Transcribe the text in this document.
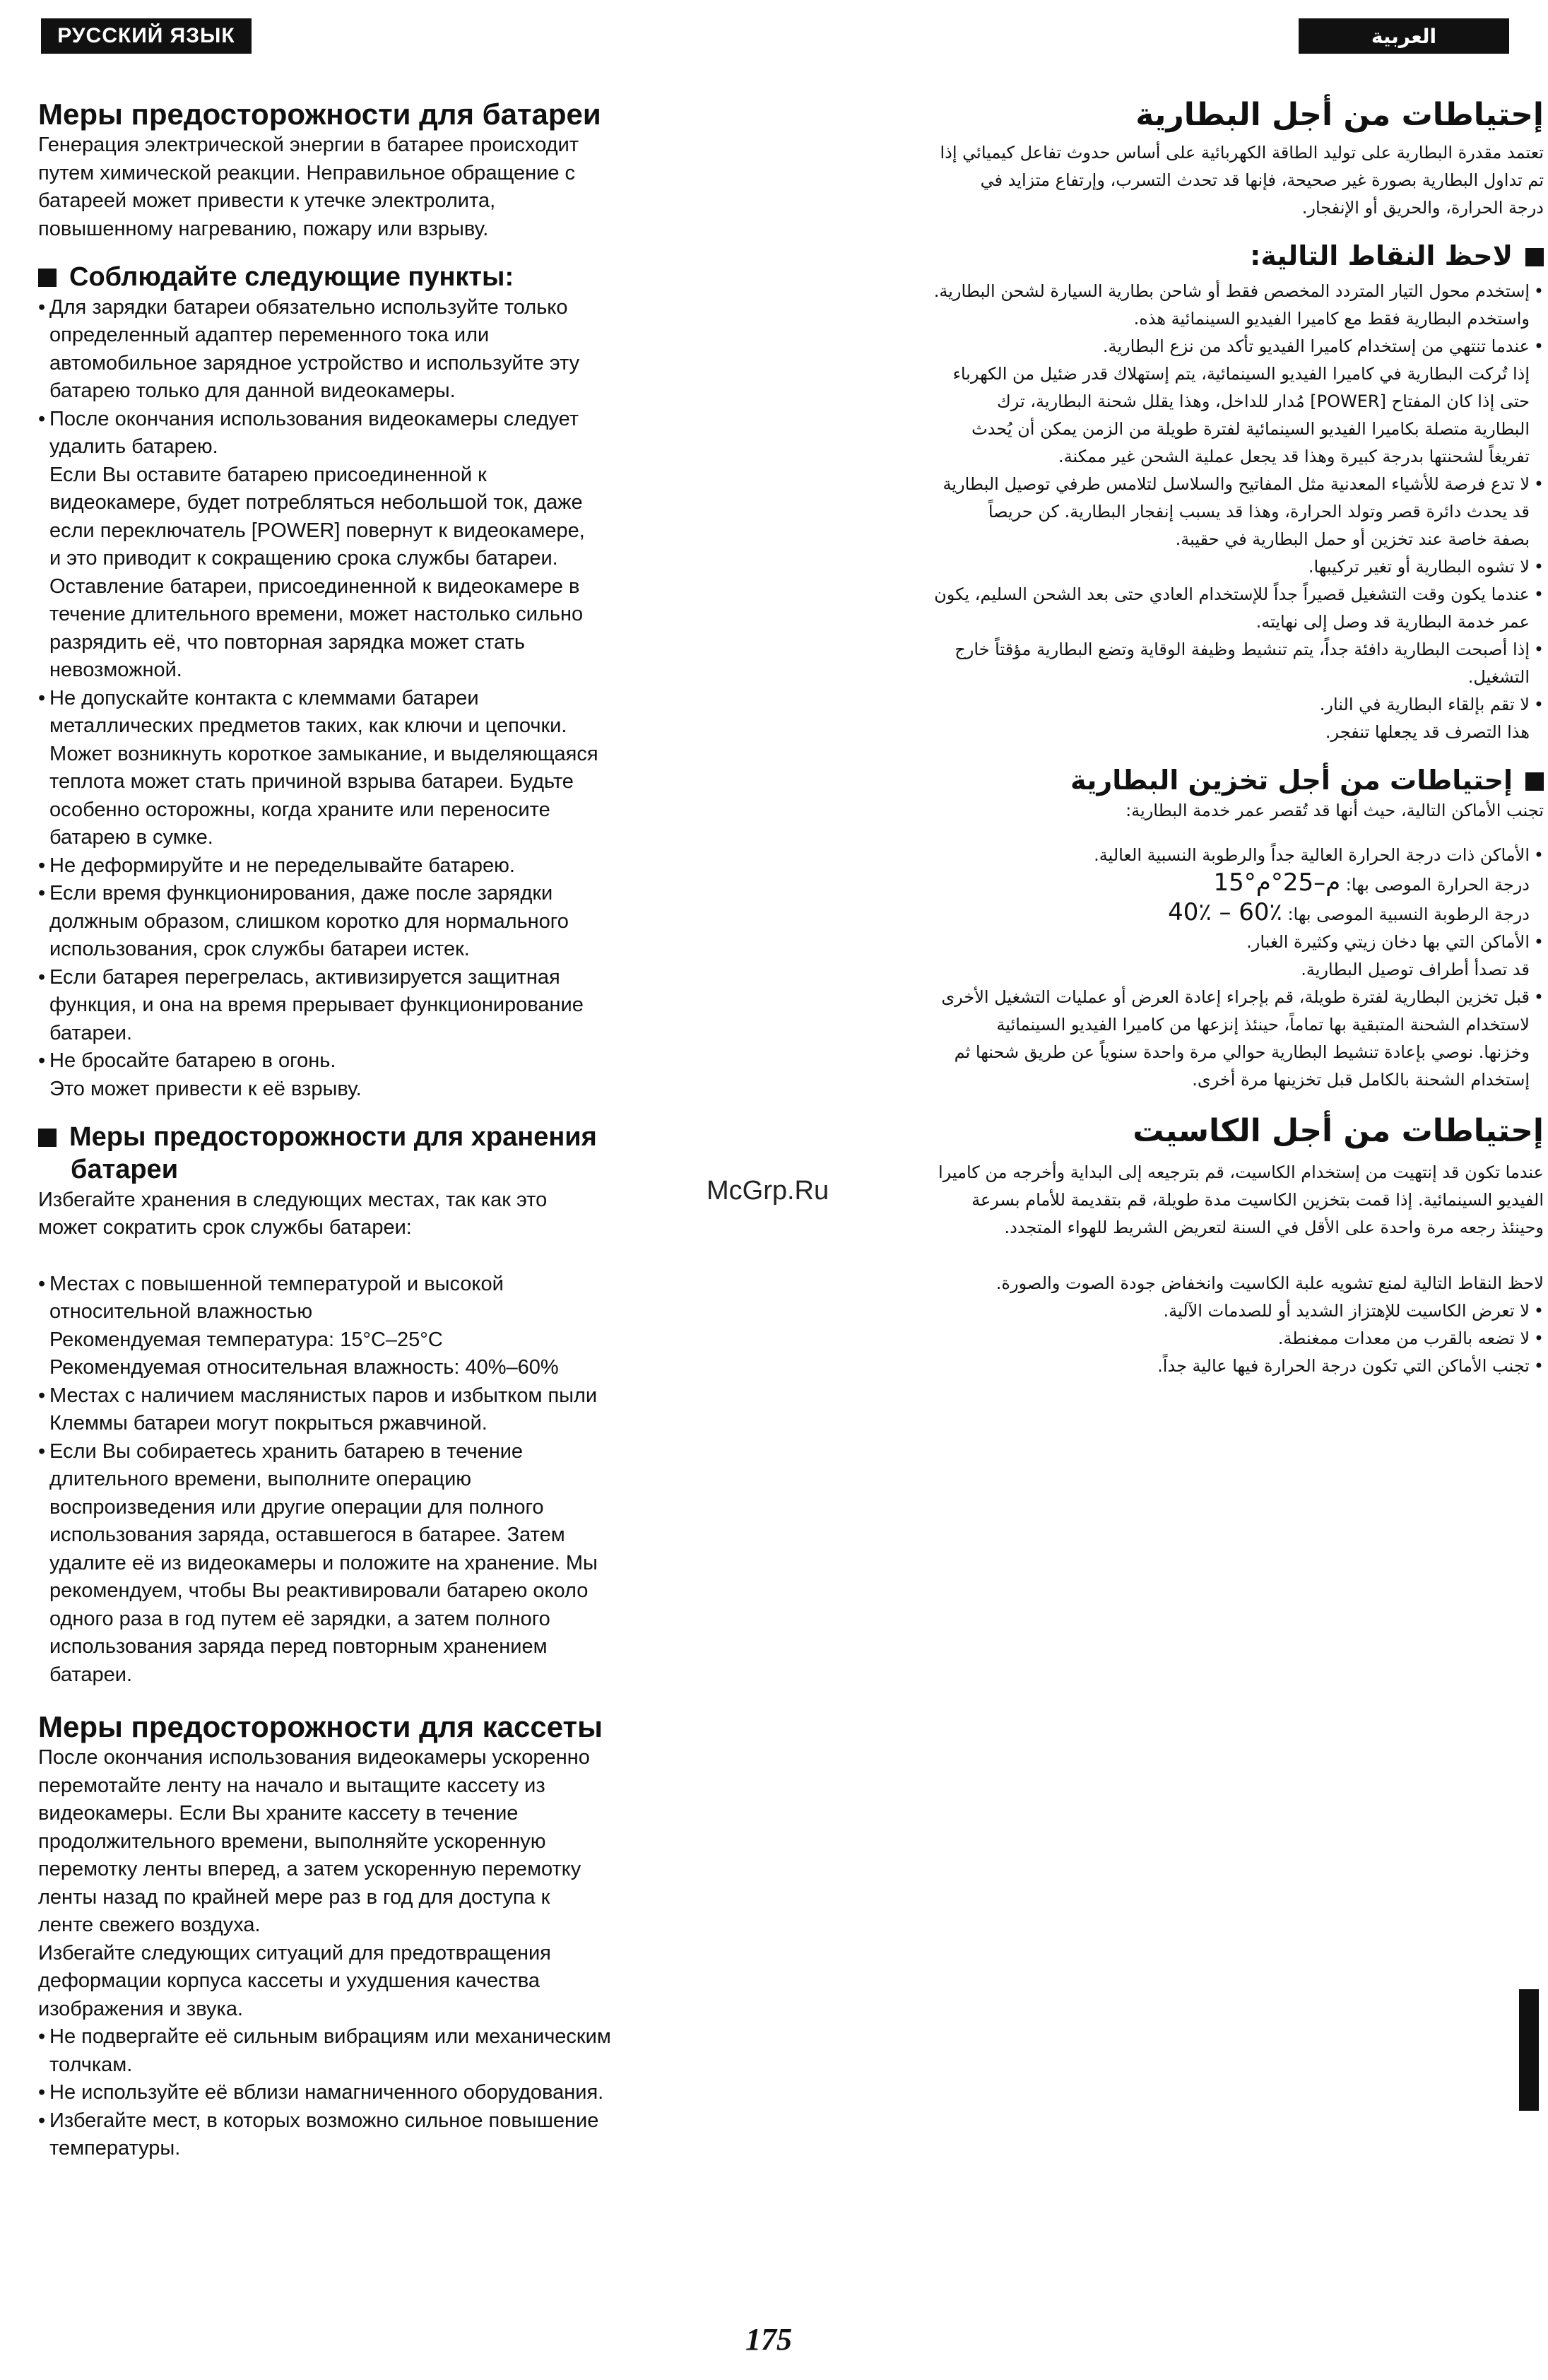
РУССКИЙ ЯЗЫК	العربية
Меры предосторожности для батареи
Генерация электрической энергии в батарее происходит
путем химической реакции. Неправильное обращение с
батареей может привести к утечке электролита,
повышенному нагреванию, пожару или взрыву.
Соблюдайте следующие пункты:
• Для зарядки батареи обязательно используйте только
определенный адаптер переменного тока или
автомобильное зарядное устройство и используйте эту
батарею только для данной видеокамеры.
• После окончания использования видеокамеры следует
удалить батарею.
Если Вы оставите батарею присоединенной к
видеокамере, будет потребляться небольшой ток, даже
если переключатель [POWER] повернут к видеокамере,
и это приводит к сокращению срока службы батареи.
Оставление батареи, присоединенной к видеокамере в
течение длительного времени, может настолько сильно
разрядить её, что повторная зарядка может стать
невозможной.
• Не допускайте контакта с клеммами батареи
металлических предметов таких, как ключи и цепочки.
Может возникнуть короткое замыкание, и выделяющаяся
теплота может стать причиной взрыва батареи. Будьте
особенно осторожны, когда храните или переносите
батарею в сумке.
• Не деформируйте и не переделывайте батарею.
• Если время функционирования, даже после зарядки
должным образом, слишком коротко для нормального
использования, срок службы батареи истек.
• Если батарея перегрелась, активизируется защитная
функция, и она на время прерывает функционирование
батареи.
• Не бросайте батарею в огонь.
Это может привести к её взрыву.
Меры предосторожности для хранения
батареи
Избегайте хранения в следующих местах, так как это
может сократить срок службы батареи:
• Местах с повышенной температурой и высокой
относительной влажностью
Рекомендуемая температура: 15°C–25°C
Рекомендуемая относительная влажность: 40%–60%
• Местах с наличием маслянистых паров и избытком пыли
Клеммы батареи могут покрыться ржавчиной.
• Если Вы собираетесь хранить батарею в течение
длительного времени, выполните операцию
воспроизведения или другие операции для полного
использования заряда, оставшегося в батарее. Затем
удалите её из видеокамеры и положите на хранение. Мы
рекомендуем, чтобы Вы реактивировали батарею около
одного раза в год путем её зарядки, а затем полного
использования заряда перед повторным хранением
батареи.
Меры предосторожности для кассеты
После окончания использования видеокамеры ускоренно
перемотайте ленту на начало и вытащите кассету из
видеокамеры. Если Вы храните кассету в течение
продолжительного времени, выполняйте ускоренную
перемотку ленты вперед, а затем ускоренную перемотку
ленты назад по крайней мере раз в год для доступа к
ленте свежего воздуха.
Избегайте следующих ситуаций для предотвращения
деформации корпуса кассеты и ухудшения качества
изображения и звука.
• Не подвергайте её сильным вибрациям или механическим
толчкам.
• Не используйте её вблизи намагниченного оборудования.
• Избегайте мест, в которых возможно сильное повышение
температуры.
إحتياطات من أجل البطارية
تعتمد مقدرة البطارية على توليد الطاقة الكهربائية على أساس حدوث تفاعل كيميائي إذا
تم تداول البطارية بصورة غير صحيحة، فإنها قد تحدث التسرب، وإرتفاع متزايد في
درجة الحرارة، والحريق أو الإنفجار.
لاحظ النقاط التالية:
• إستخدم محول التيار المتردد المخصص فقط أو شاحن بطارية السيارة لشحن البطارية.
واستخدم البطارية فقط مع كاميرا الفيديو السينمائية هذه.
• عندما تنتهي من إستخدام كاميرا الفيديو تأكد من نزع البطارية.
إذا تُركت البطارية في كاميرا الفيديو السينمائية، يتم إستهلاك قدر ضئيل من الكهرباء
حتى إذا كان المفتاح [POWER] مُدار للداخل، وهذا يقلل شحنة البطارية، ترك
البطارية متصلة بكاميرا الفيديو السينمائية لفترة طويلة من الزمن يمكن أن يُحدث
تفريغاً لشحنتها بدرجة كبيرة وهذا قد يجعل عملية الشحن غير ممكنة.
• لا تدع فرصة للأشياء المعدنية مثل المفاتيح والسلاسل لتلامس طرفي توصيل البطارية
قد يحدث دائرة قصر وتولد الحرارة، وهذا قد يسبب إنفجار البطارية. كن حريصاً
بصفة خاصة عند تخزين أو حمل البطارية في حقيبة.
• لا تشوه البطارية أو تغير تركيبها.
• عندما يكون وقت التشغيل قصيراً جداً للإستخدام العادي حتى بعد الشحن السليم، يكون
عمر خدمة البطارية قد وصل إلى نهايته.
• إذا أصبحت البطارية دافئة جداً، يتم تنشيط وظيفة الوقاية وتضع البطارية مؤقتاً خارج
التشغيل.
• لا تقم بإلقاء البطارية في النار.
هذا التصرف قد يجعلها تنفجر.
إحتياطات من أجل تخزين البطارية
تجنب الأماكن التالية، حيث أنها قد تُقصر عمر خدمة البطارية:
• الأماكن ذات درجة الحرارة العالية جداً والرطوبة النسبية العالية.
درجة الحرارة الموصى بها: 15°م–25°م
درجة الرطوبة النسبية الموصى بها: 40٪ – 60٪
• الأماكن التي بها دخان زيتي وكثيرة الغبار.
قد تصدأ أطراف توصيل البطارية.
• قبل تخزين البطارية لفترة طويلة، قم بإجراء إعادة العرض أو عمليات التشغيل الأخرى
لاستخدام الشحنة المتبقية بها تماماً، حينئذ إنزعها من كاميرا الفيديو السينمائية
وخزنها. نوصي بإعادة تنشيط البطارية حوالي مرة واحدة سنوياً عن طريق شحنها ثم
إستخدام الشحنة بالكامل قبل تخزينها مرة أخرى.
إحتياطات من أجل الكاسيت
عندما تكون قد إنتهيت من إستخدام الكاسيت، قم بترجيعه إلى البداية وأخرجه من كاميرا
الفيديو السينمائية. إذا قمت بتخزين الكاسيت مدة طويلة، قم بتقديمة للأمام بسرعة
وحينئذ رجعه مرة واحدة على الأقل في السنة لتعريض الشريط للهواء المتجدد.
لاحظ النقاط التالية لمنع تشويه علبة الكاسيت وانخفاض جودة الصوت والصورة.
• لا تعرض الكاسيت للإهتزاز الشديد أو للصدمات الآلية.
• لا تضعه بالقرب من معدات ممغنطة.
• تجنب الأماكن التي تكون درجة الحرارة فيها عالية جداً.
McGrp.Ru
175
